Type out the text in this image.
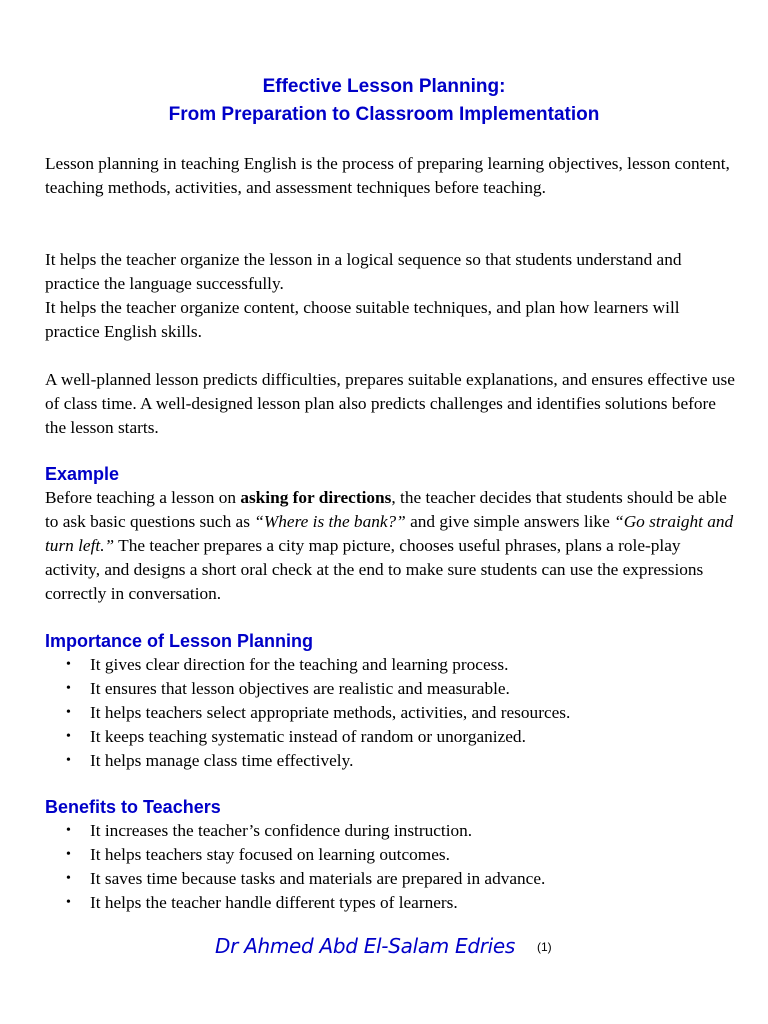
Effective Lesson Planning:
From Preparation to Classroom Implementation

Lesson planning in teaching English is the process of preparing learning objectives, lesson content, teaching methods, activities, and assessment techniques before teaching.

It helps the teacher organize the lesson in a logical sequence so that students understand and practice the language successfully.

It helps the teacher organize content, choose suitable techniques, and plan how learners will practice English skills.

A well-planned lesson predicts difficulties, prepares suitable explanations, and ensures effective use of class time. A well-designed lesson plan also predicts challenges and identifies solutions before the lesson starts.

Example

Before teaching a lesson on asking for directions, the teacher decides that students should be able to ask basic questions such as “Where is the bank?” and give simple answers like “Go straight and turn left.” The teacher prepares a city map picture, chooses useful phrases, plans a role-play activity, and designs a short oral check at the end to make sure students can use the expressions correctly in conversation.

Importance of Lesson Planning
• It gives clear direction for the teaching and learning process.
• It ensures that lesson objectives are realistic and measurable.
• It helps teachers select appropriate methods, activities, and resources.
• It keeps teaching systematic instead of random or unorganized.
• It helps manage class time effectively.
Benefits to Teachers
• It increases the teacher’s confidence during instruction.
• It helps teachers stay focused on learning outcomes.
• It saves time because tasks and materials are prepared in advance.
• It helps the teacher handle different types of learners.
Dr Ahmed Abd El-Salam Edries (1)
